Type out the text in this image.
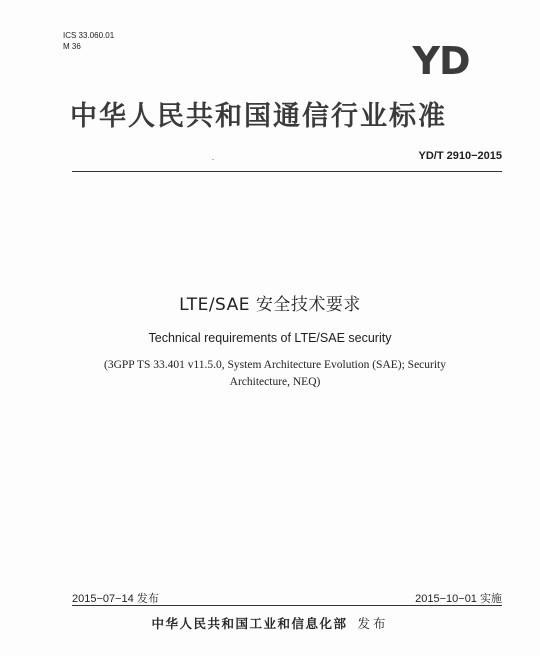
ICS 33.060.01
M 36	YD
中华人民共和国通信行业标准
YD/T 2910−2015
LTE/SAE 安全技术要求
Technical requirements of LTE/SAE security
(3GPP TS 33.401 v11.5.0, System Architecture Evolution (SAE); Security
Architecture, NEQ)
2015−07−14 发布	2015−10−01 实施
中华人民共和国工业和信息化部 发布
